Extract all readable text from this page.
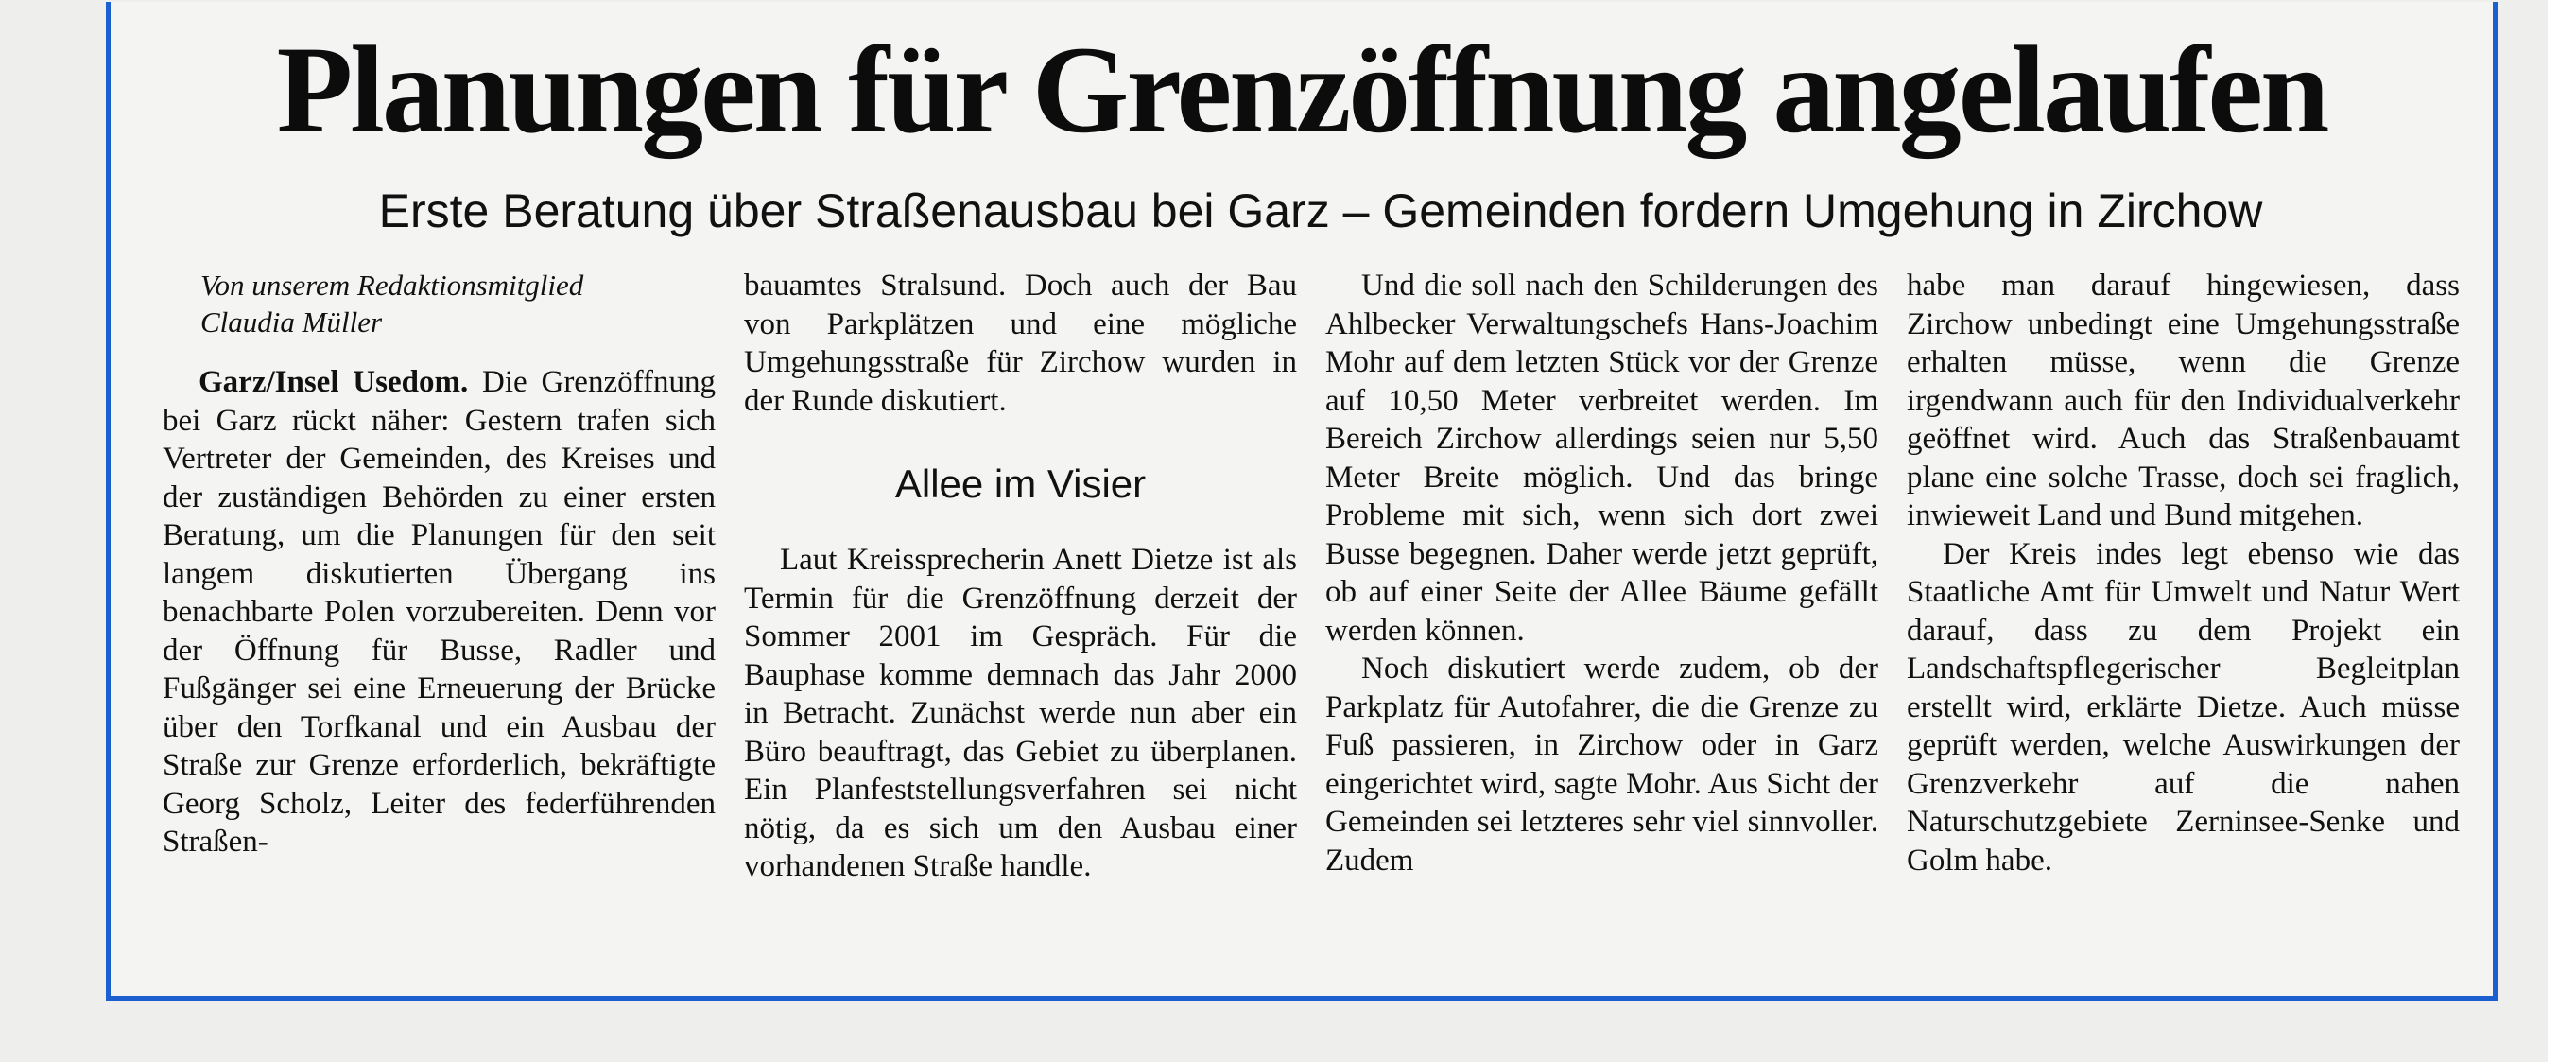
Planungen für Grenzöffnung angelaufen
Erste Beratung über Straßenausbau bei Garz – Gemeinden fordern Umgehung in Zirchow

Von unserem Redaktionsmitglied
Claudia Müller

Garz/Insel Usedom. Die Grenzöffnung bei Garz rückt näher: Gestern trafen sich Vertreter der Gemeinden, des Kreises und der zuständigen Behörden zu einer ersten Beratung, um die Planungen für den seit langem diskutierten Übergang ins benachbarte Polen vorzubereiten. Denn vor der Öffnung für Busse, Radler und Fußgänger sei eine Erneuerung der Brücke über den Torfkanal und ein Ausbau der Straße zur Grenze erforderlich, bekräftigte Georg Scholz, Leiter des federführenden Straßen-

bauamtes Stralsund. Doch auch der Bau von Parkplätzen und eine mögliche Umgehungsstraße für Zirchow wurden in der Runde diskutiert.

Allee im Visier

Laut Kreissprecherin Anett Dietze ist als Termin für die Grenzöffnung derzeit der Sommer 2001 im Gespräch. Für die Bauphase komme demnach das Jahr 2000 in Betracht. Zunächst werde nun aber ein Büro beauftragt, das Gebiet zu überplanen. Ein Planfeststellungsverfahren sei nicht nötig, da es sich um den Ausbau einer vorhandenen Straße handle.

Und die soll nach den Schilderungen des Ahlbecker Verwaltungschefs Hans-Joachim Mohr auf dem letzten Stück vor der Grenze auf 10,50 Meter verbreitet werden. Im Bereich Zirchow allerdings seien nur 5,50 Meter Breite möglich. Und das bringe Probleme mit sich, wenn sich dort zwei Busse begegnen. Daher werde jetzt geprüft, ob auf einer Seite der Allee Bäume gefällt werden können.

Noch diskutiert werde zudem, ob der Parkplatz für Autofahrer, die die Grenze zu Fuß passieren, in Zirchow oder in Garz eingerichtet wird, sagte Mohr. Aus Sicht der Gemeinden sei letzteres sehr viel sinnvoller. Zudem

habe man darauf hingewiesen, dass Zirchow unbedingt eine Umgehungsstraße erhalten müsse, wenn die Grenze irgendwann auch für den Individualverkehr geöffnet wird. Auch das Straßenbauamt plane eine solche Trasse, doch sei fraglich, inwieweit Land und Bund mitgehen.

Der Kreis indes legt ebenso wie das Staatliche Amt für Umwelt und Natur Wert darauf, dass zu dem Projekt ein Landschaftspflegerischer Begleitplan erstellt wird, erklärte Dietze. Auch müsse geprüft werden, welche Auswirkungen der Grenzverkehr auf die nahen Naturschutzgebiete Zerninsee-Senke und Golm habe.
